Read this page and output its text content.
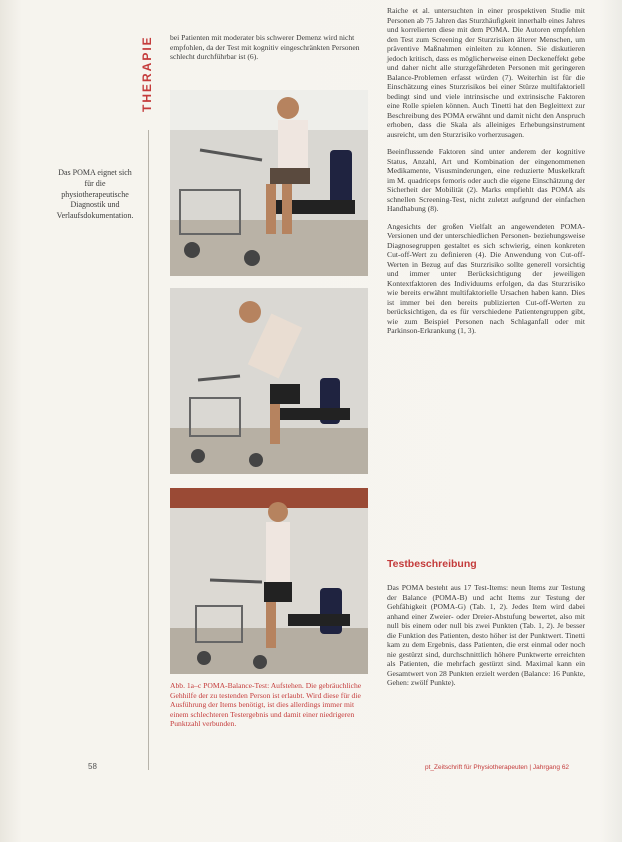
THERAPIE
Das POMA eignet sich für die physiotherapeutische Diagnostik und Verlaufsdokumentation.
bei Patienten mit moderater bis schwerer Demenz wird nicht empfohlen, da der Test mit kognitiv eingeschränkten Personen schlecht durchführbar ist (6).
Abb. 1a–c POMA-Balance-Test: Aufstehen. Die gebräuchliche Gehhilfe der zu testenden Person ist erlaubt. Wird diese für die Ausführung der Items benötigt, ist dies allerdings immer mit einem schlechteren Testergebnis und damit einer niedrigeren Punktzahl verbunden.

Raiche et al. untersuchten in einer prospektiven Studie mit Personen ab 75 Jahren das Sturzhäufigkeit innerhalb eines Jahres und korrelierten diese mit dem POMA. Die Autoren empfehlen den Test zum Screening der Sturzrisiken älterer Menschen, um präventive Maßnahmen einleiten zu können. Sie diskutieren jedoch kritisch, dass es möglicherweise einen Deckeneffekt gebe und daher nicht alle sturzgefährdeten Personen mit geringeren Balance-Problemen erfasst würden (7). Weiterhin ist für die Einschätzung eines Sturzrisikos bei einer Stürze multifaktoriell bedingt sind und viele intrinsische und extrinsische Faktoren eine Rolle spielen können. Auch Tinetti hat den Begleittext zur Beschreibung des POMA erwähnt und damit nicht den Anspruch erhoben, dass die Skala als alleiniges Erhebungsinstrument ausreicht, um den Sturzrisiko vorherzusagen.

Beeinflussende Faktoren sind unter anderem der kognitive Status, Anzahl, Art und Kombination der eingenommenen Medikamente, Visusminderungen, eine reduzierte Muskelkraft im M. quadriceps femoris oder auch die eigene Einschätzung der Sicherheit der Mobilität (2). Marks empfiehlt das POMA als schnellen Screening-Test, nicht zuletzt aufgrund der einfachen Handhabung (8).

Angesichts der großen Vielfalt an angewendeten POMA-Versionen und der unterschiedlichen Personen- beziehungsweise Diagnosegruppen gestaltet es sich schwierig, einen konkreten Cut-off-Wert zu definieren (4). Die Anwendung von Cut-off-Werten in Bezug auf das Sturzrisiko sollte generell vorsichtig und immer unter Berücksichtigung der jeweiligen Kontextfaktoren des Individuums erfolgen, da das Sturzrisiko wie bereits erwähnt multifaktorielle Ursachen haben kann. Dies ist immer bei den bereits publizierten Cut-off-Werten zu berücksichtigen, da es für verschiedene Patientengruppen gibt, wie zum Beispiel Personen nach Schlaganfall oder mit Parkinson-Erkrankung (1, 3).

Testbeschreibung
Das POMA besteht aus 17 Test-Items: neun Items zur Testung der Balance (POMA-B) und acht Items zur Testung der Gehfähigkeit (POMA-G) (Tab. 1, 2). Jedes Item wird dabei anhand einer Zweier- oder Dreier-Abstufung bewertet, also mit null bis einem oder null bis zwei Punkten (Tab. 1, 2). Je besser die Funktion des Patienten, desto höher ist der Punktwert. Tinetti kam zu dem Ergebnis, dass Patienten, die erst einmal oder noch nie gestürzt sind, durchschnittlich höhere Punktwerte erreichten als Patienten, die mehrfach gestürzt sind. Maximal kann ein Gesamtwert von 28 Punkten erzielt werden (Balance: 16 Punkte, Gehen: zwölf Punkte).
58	pt_Zeitschrift für Physiotherapeuten | Jahrgang 62
